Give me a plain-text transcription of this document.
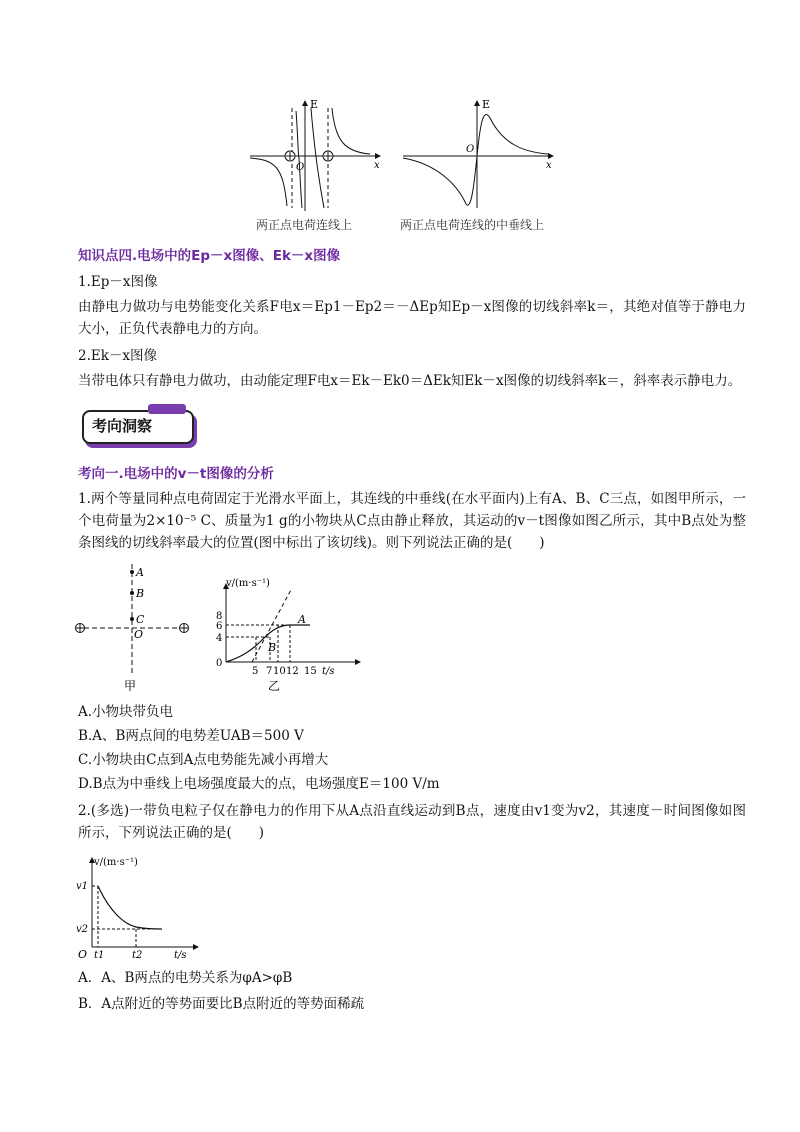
E
x
O
E
x
O
两正点电荷连线上	两正点电荷连线的中垂线上
知识点四.电场中的Ep－x图像、Ek－x图像
1.Ep－x图像
由静电力做功与电势能变化关系F电x＝Ep1－Ep2＝－ΔEp知Ep－x图像的切线斜率k＝，其绝对值等于静电力大小，正负代表静电力的方向。
2.Ek－x图像
当带电体只有静电力做功，由动能定理F电x＝Ek－Ek0＝ΔEk知Ek－x图像的切线斜率k＝，斜率表示静电力。
考向洞察
考向一.电场中的v－t图像的分析
1.两个等量同种点电荷固定于光滑水平面上，其连线的中垂线(在水平面内)上有A、B、C三点，如图甲所示，一个电荷量为2×10⁻⁵ C、质量为1 g的小物块从C点由静止释放，其运动的v－t图像如图乙所示，其中B点处为整条图线的切线斜率最大的位置(图中标出了该切线)。则下列说法正确的是(　　)
A
B
C
O
甲
v/(m·s⁻¹)
8
6
4
0
5 7 10 12 15 t/s
A
B
乙
A.小物块带负电
B.A、B两点间的电势差UAB＝500 V
C.小物块由C点到A点电势能先减小再增大
D.B点为中垂线上电场强度最大的点，电场强度E＝100 V/m
2.(多选)一带负电粒子仅在静电力的作用下从A点沿直线运动到B点，速度由v1变为v2，其速度－时间图像如图所示，下列说法正确的是(　　)
v/(m·s⁻¹)
v1
v2
O t1	t2	t/s
A．A、B两点的电势关系为φA>φB
B．A点附近的等势面要比B点附近的等势面稀疏
